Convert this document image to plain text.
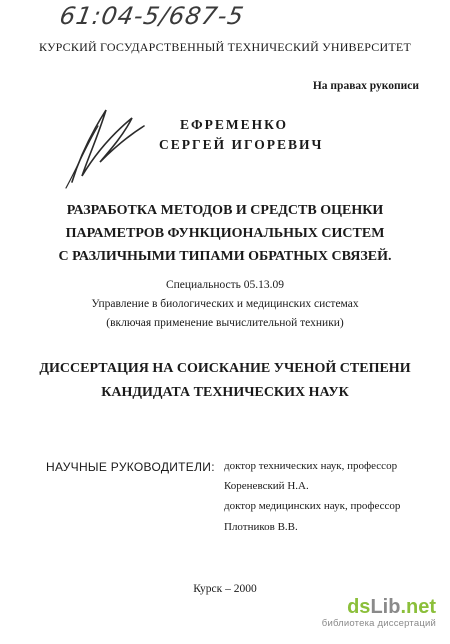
61:04-5/687-5
КУРСКИЙ ГОСУДАРСТВЕННЫЙ ТЕХНИЧЕСКИЙ УНИВЕРСИТЕТ
На правах рукописи
ЕФРЕМЕНКО
СЕРГЕЙ ИГОРЕВИЧ
РАЗРАБОТКА МЕТОДОВ И СРЕДСТВ ОЦЕНКИ
ПАРАМЕТРОВ ФУНКЦИОНАЛЬНЫХ СИСТЕМ
С РАЗЛИЧНЫМИ ТИПАМИ ОБРАТНЫХ СВЯЗЕЙ.
Специальность 05.13.09
Управление в биологических и медицинских системах
(включая применение вычислительной техники)
ДИССЕРТАЦИЯ НА СОИСКАНИЕ УЧЕНОЙ СТЕПЕНИ
КАНДИДАТА ТЕХНИЧЕСКИХ НАУК
НАУЧНЫЕ РУКОВОДИТЕЛИ: доктор технических наук, профессор
Кореневский Н.А.
доктор медицинских наук, профессор
Плотников В.В.
Курск – 2000
dsLib.net
библиотека диссертаций
